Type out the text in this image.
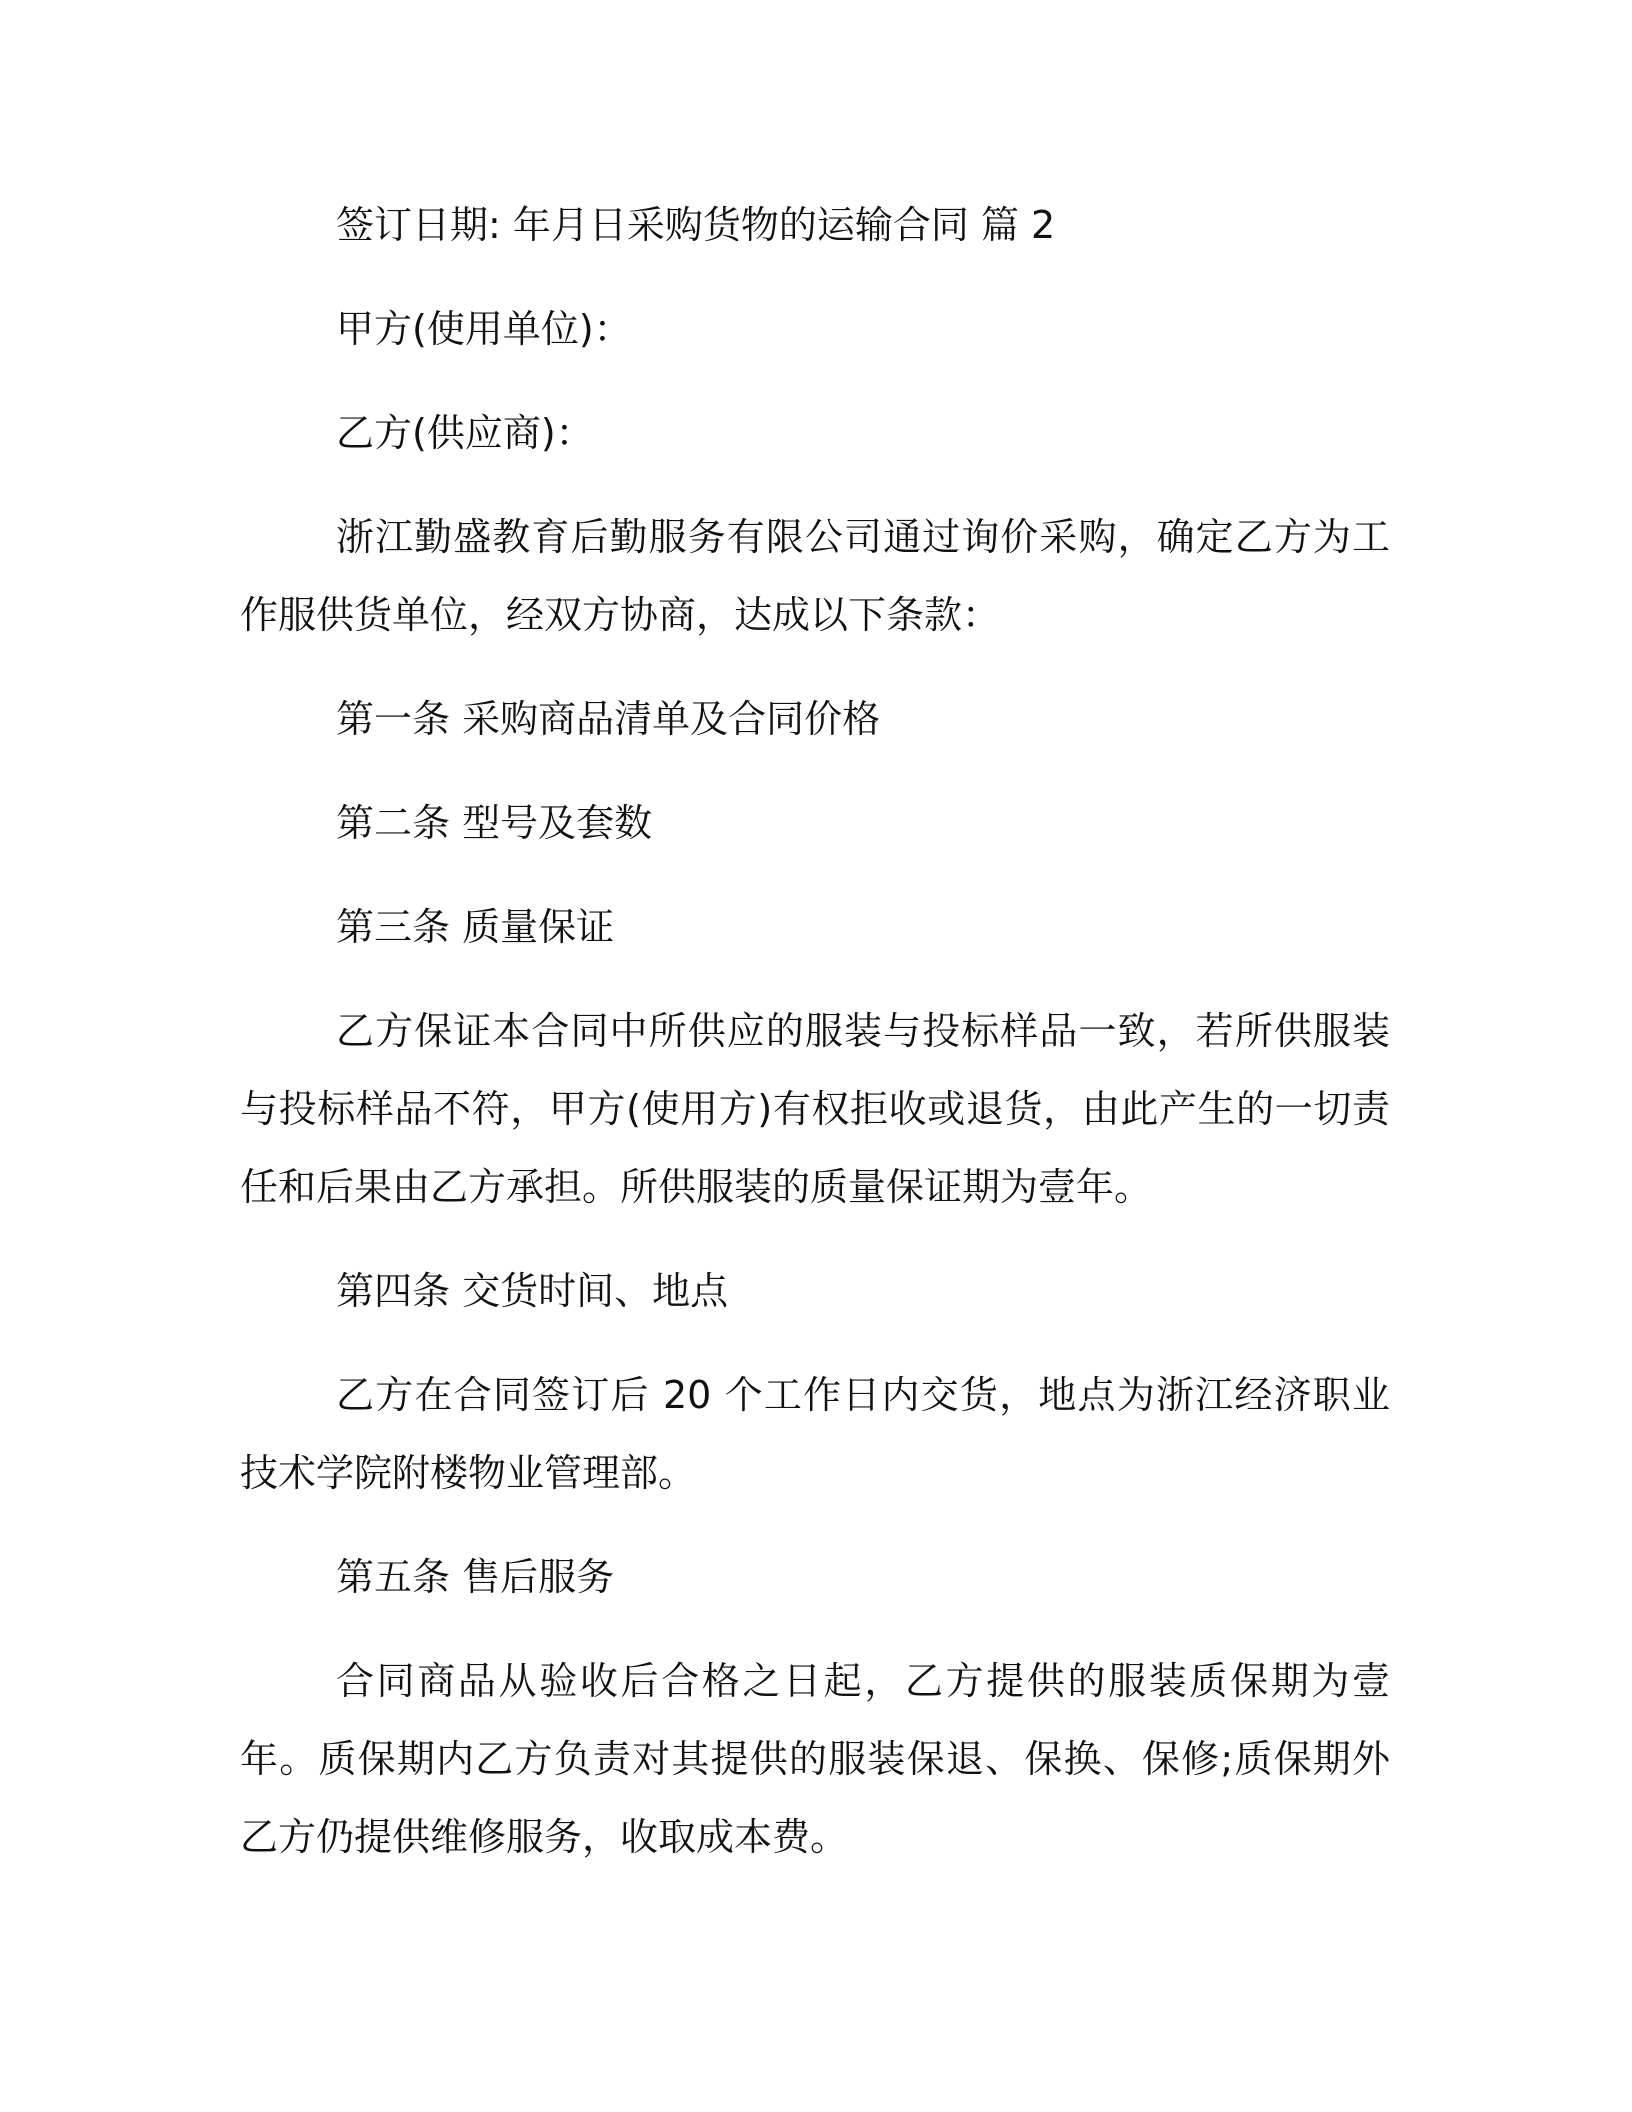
签订日期: 年月日采购货物的运输合同 篇 2

甲方(使用单位)：

乙方(供应商)：

浙江勤盛教育后勤服务有限公司通过询价采购，确定乙方为工作服供货单位，经双方协商，达成以下条款：

第一条 采购商品清单及合同价格

第二条 型号及套数

第三条 质量保证

乙方保证本合同中所供应的服装与投标样品一致，若所供服装与投标样品不符，甲方(使用方)有权拒收或退货，由此产生的一切责任和后果由乙方承担。所供服装的质量保证期为壹年。

第四条 交货时间、地点

乙方在合同签订后 20 个工作日内交货，地点为浙江经济职业技术学院附楼物业管理部。

第五条 售后服务

合同商品从验收后合格之日起，乙方提供的服装质保期为壹年。质保期内乙方负责对其提供的服装保退、保换、保修;质保期外乙方仍提供维修服务，收取成本费。
